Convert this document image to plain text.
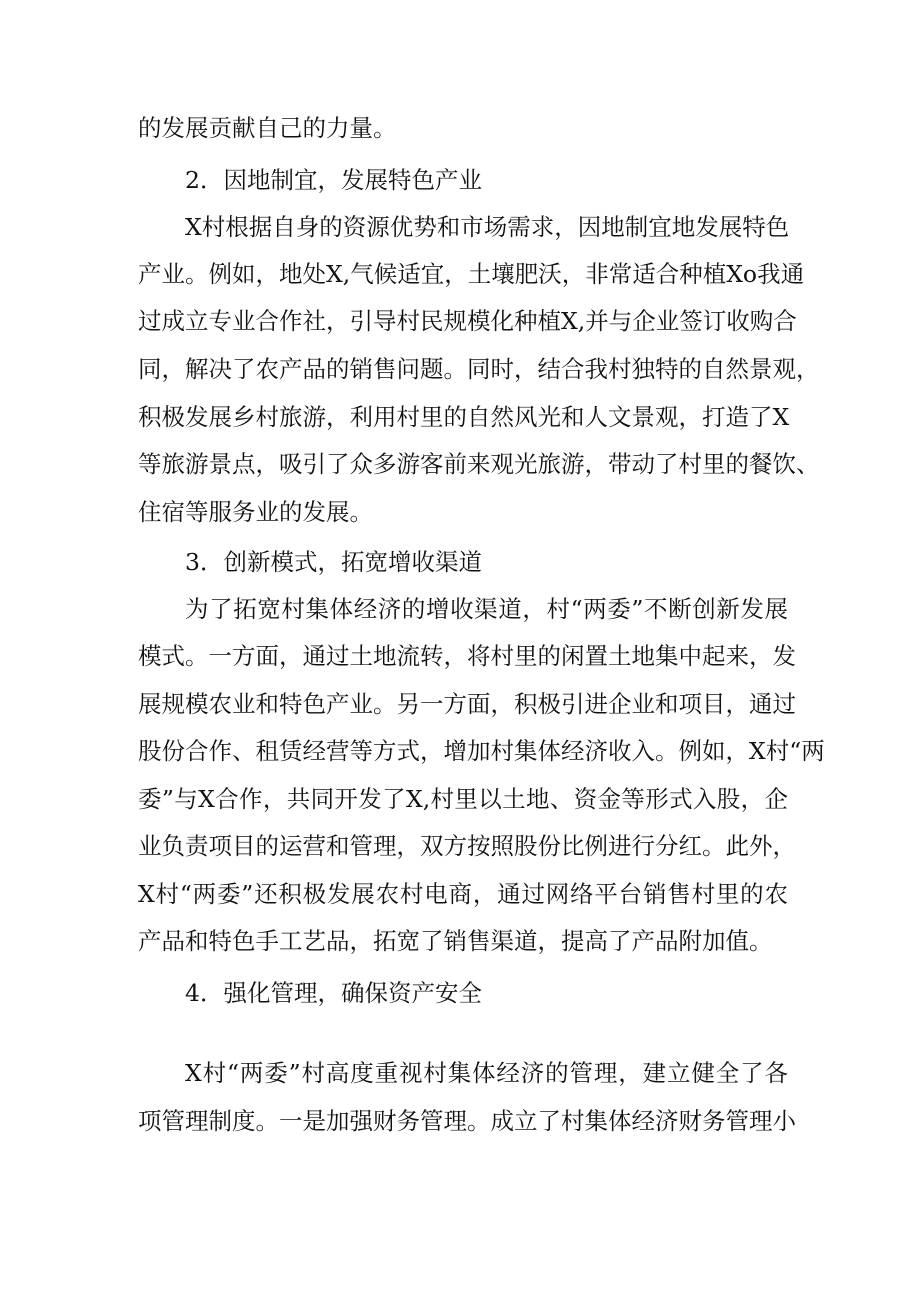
的发展贡献自己的力量。
2．因地制宜，发展特色产业
X村根据自身的资源优势和市场需求，因地制宜地发展特色
产业。例如，地处X,气候适宜，土壤肥沃，非常适合种植Xo我通
过成立专业合作社，引导村民规模化种植X,并与企业签订收购合
同，解决了农产品的销售问题。同时，结合我村独特的自然景观，
积极发展乡村旅游，利用村里的自然风光和人文景观，打造了X
等旅游景点，吸引了众多游客前来观光旅游，带动了村里的餐饮、
住宿等服务业的发展。
3．创新模式，拓宽增收渠道
为了拓宽村集体经济的增收渠道，村“两委”不断创新发展
模式。一方面，通过土地流转，将村里的闲置土地集中起来，发
展规模农业和特色产业。另一方面，积极引进企业和项目，通过
股份合作、租赁经营等方式，增加村集体经济收入。例如，X村“两
委”与X合作，共同开发了X,村里以土地、资金等形式入股，企
业负责项目的运营和管理，双方按照股份比例进行分红。此外，
X村“两委”还积极发展农村电商，通过网络平台销售村里的农
产品和特色手工艺品，拓宽了销售渠道，提高了产品附加值。
4．强化管理，确保资产安全
X村“两委”村高度重视村集体经济的管理，建立健全了各
项管理制度。一是加强财务管理。成立了村集体经济财务管理小
